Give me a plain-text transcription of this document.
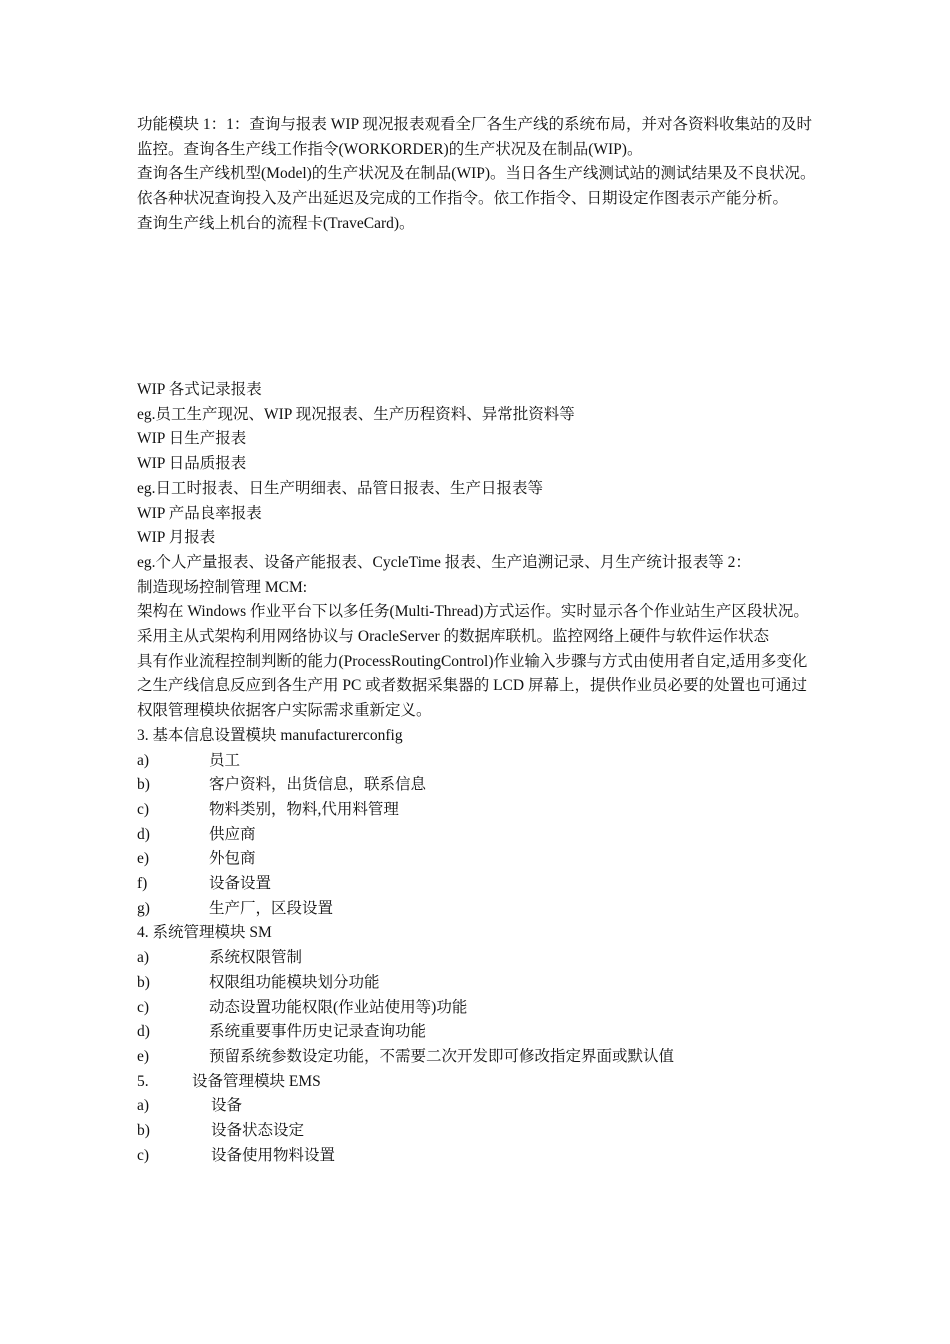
功能模块 1：1：查询与报表 WIP 现况报表观看全厂各生产线的系统布局，并对各资料收集站的及时监控。查询各生产线工作指令(WORKORDER)的生产状况及在制品(WIP)。

查询各生产线机型(Model)的生产状况及在制品(WIP)。当日各生产线测试站的测试结果及不良状况。依各种状况查询投入及产出延迟及完成的工作指令。依工作指令、日期设定作图表示产能分析。

查询生产线上机台的流程卡(TraveCard)。

WIP 各式记录报表

eg.员工生产现况、WIP 现况报表、生产历程资料、异常批资料等

WIP 日生产报表

WIP 日品质报表

eg.日工时报表、日生产明细表、品管日报表、生产日报表等

WIP 产品良率报表

WIP 月报表

eg.个人产量报表、设备产能报表、CycleTime 报表、生产追溯记录、月生产统计报表等 2：

制造现场控制管理 MCM:

架构在 Windows 作业平台下以多任务(Multi-Thread)方式运作。实时显示各个作业站生产区段状况。

采用主从式架构利用网络协议与 OracleServer 的数据库联机。监控网络上硬件与软件运作状态

具有作业流程控制判断的能力(ProcessRoutingControl)作业输入步骤与方式由使用者自定,适用多变化之生产线信息反应到各生产用 PC 或者数据采集器的 LCD 屏幕上，提供作业员必要的处置也可通过权限管理模块依据客户实际需求重新定义。

3. 基本信息设置模块 manufacturerconfig

a)	员工
b)	客户资料，出货信息，联系信息
c)	物料类别，物料,代用料管理
d)	供应商
e)	外包商
f)	设备设置
g)	生产厂，区段设置

4. 系统管理模块 SM

a)	系统权限管制
b)	权限组功能模块划分功能
c)	动态设置功能权限(作业站使用等)功能
d)	系统重要事件历史记录查询功能
e)	预留系统参数设定功能，不需要二次开发即可修改指定界面或默认值
5.	设备管理模块 EMS
a)	设备
b)	设备状态设定
c)	设备使用物料设置
